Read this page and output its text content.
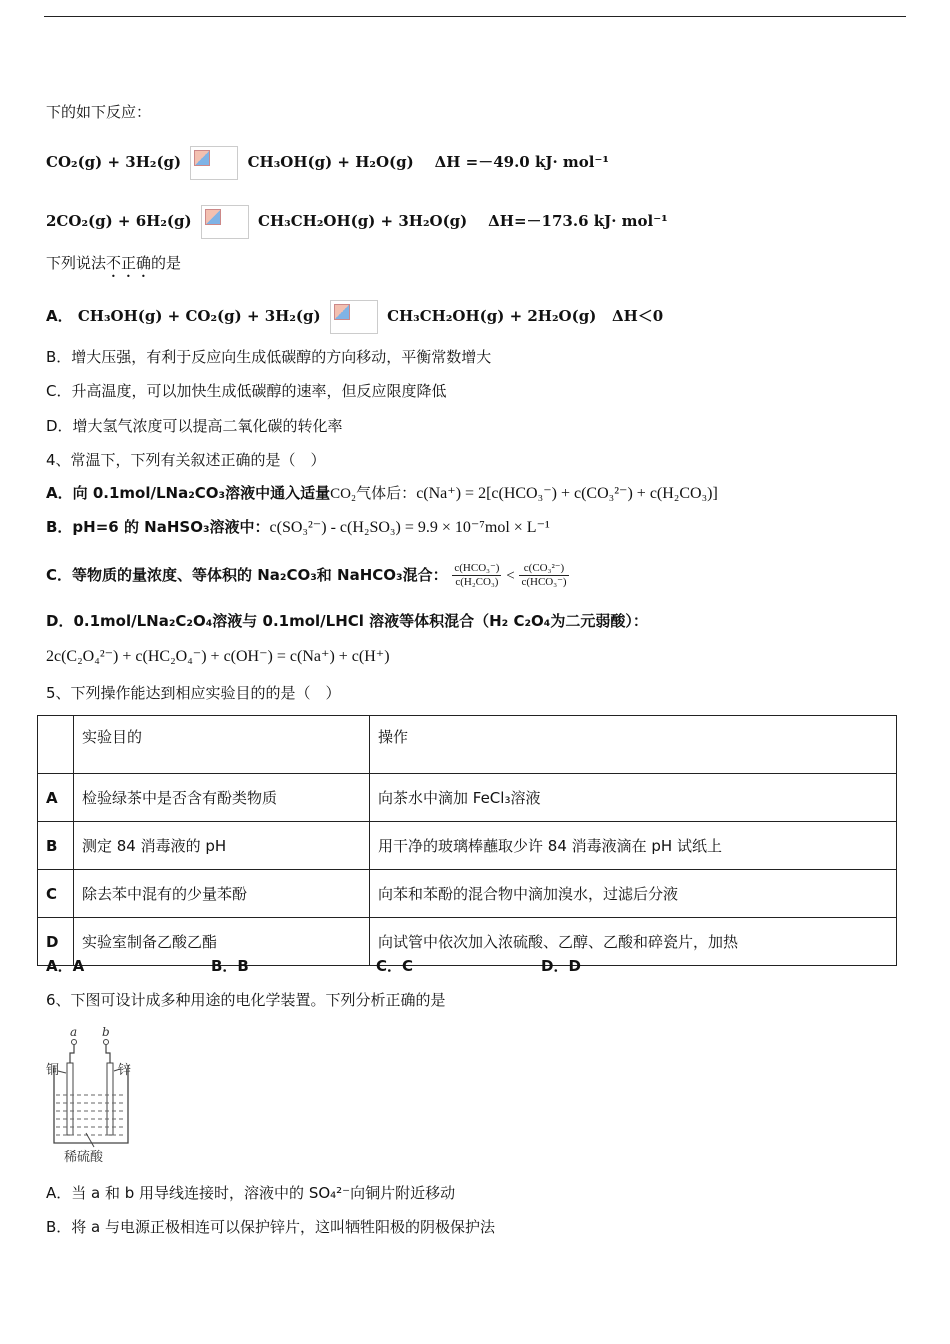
下的如下反应：
CO₂(g) + 3H₂(g)	CH₃OH(g) + H₂O(g) ΔH =－49.0 kJ· mol⁻¹
2CO₂(g) + 6H₂(g)	CH₃CH₂OH(g) + 3H₂O(g) ΔH=－173.6 kJ· mol⁻¹
下列说法不正确的是
A． CH₃OH(g) + CO₂(g) + 3H₂(g)	CH₃CH₂OH(g) + 2H₂O(g) ΔH＜0
B．增大压强，有利于反应向生成低碳醇的方向移动，平衡常数增大
C．升高温度，可以加快生成低碳醇的速率，但反应限度降低
D．增大氢气浓度可以提高二氧化碳的转化率
4、常温下，下列有关叙述正确的是（　）
A．向 0.1mol/LNa₂CO₃溶液中通入适量CO₂气体后：c(Na⁺) = 2[c(HCO₃⁻) + c(CO₃²⁻) + c(H₂CO₃)]
B．pH=6 的 NaHSO₃溶液中：c(SO₃²⁻) - c(H₂SO₃) = 9.9 × 10⁻⁷mol × L⁻¹
C．等物质的量浓度、等体积的 Na₂CO₃和 NaHCO₃混合： $\frac{\text{c(HCO₃⁻)}}{\text{c(H₂CO₃)}} < \frac{\text{c(CO₃²⁻)}}{\text{c(HCO₃⁻)}}$
D．0.1mol/LNa₂C₂O₄溶液与 0.1mol/LHCl 溶液等体积混合（H₂ C₂O₄为二元弱酸）：
2c(C₂O₄²⁻) + c(HC₂O₄⁻) + c(OH⁻) = c(Na⁺) + c(H⁺)
5、下列操作能达到相应实验目的的是（　）
	实验目的	操作
A	检验绿茶中是否含有酚类物质	向茶水中滴加 FeCl₃溶液
B	测定 84 消毒液的 pH	用干净的玻璃棒蘸取少许 84 消毒液滴在 pH 试纸上
C	除去苯中混有的少量苯酚	向苯和苯酚的混合物中滴加溴水，过滤后分液
D	实验室制备乙酸乙酯	向试管中依次加入浓硫酸、乙醇、乙酸和碎瓷片，加热
A．A	B．B	C．C	D．D
6、下图可设计成多种用途的电化学装置。下列分析正确的是
a b
铜	锌
稀硫酸
A．当 a 和 b 用导线连接时，溶液中的 SO₄²⁻向铜片附近移动
B．将 a 与电源正极相连可以保护锌片，这叫牺牲阳极的阴极保护法
